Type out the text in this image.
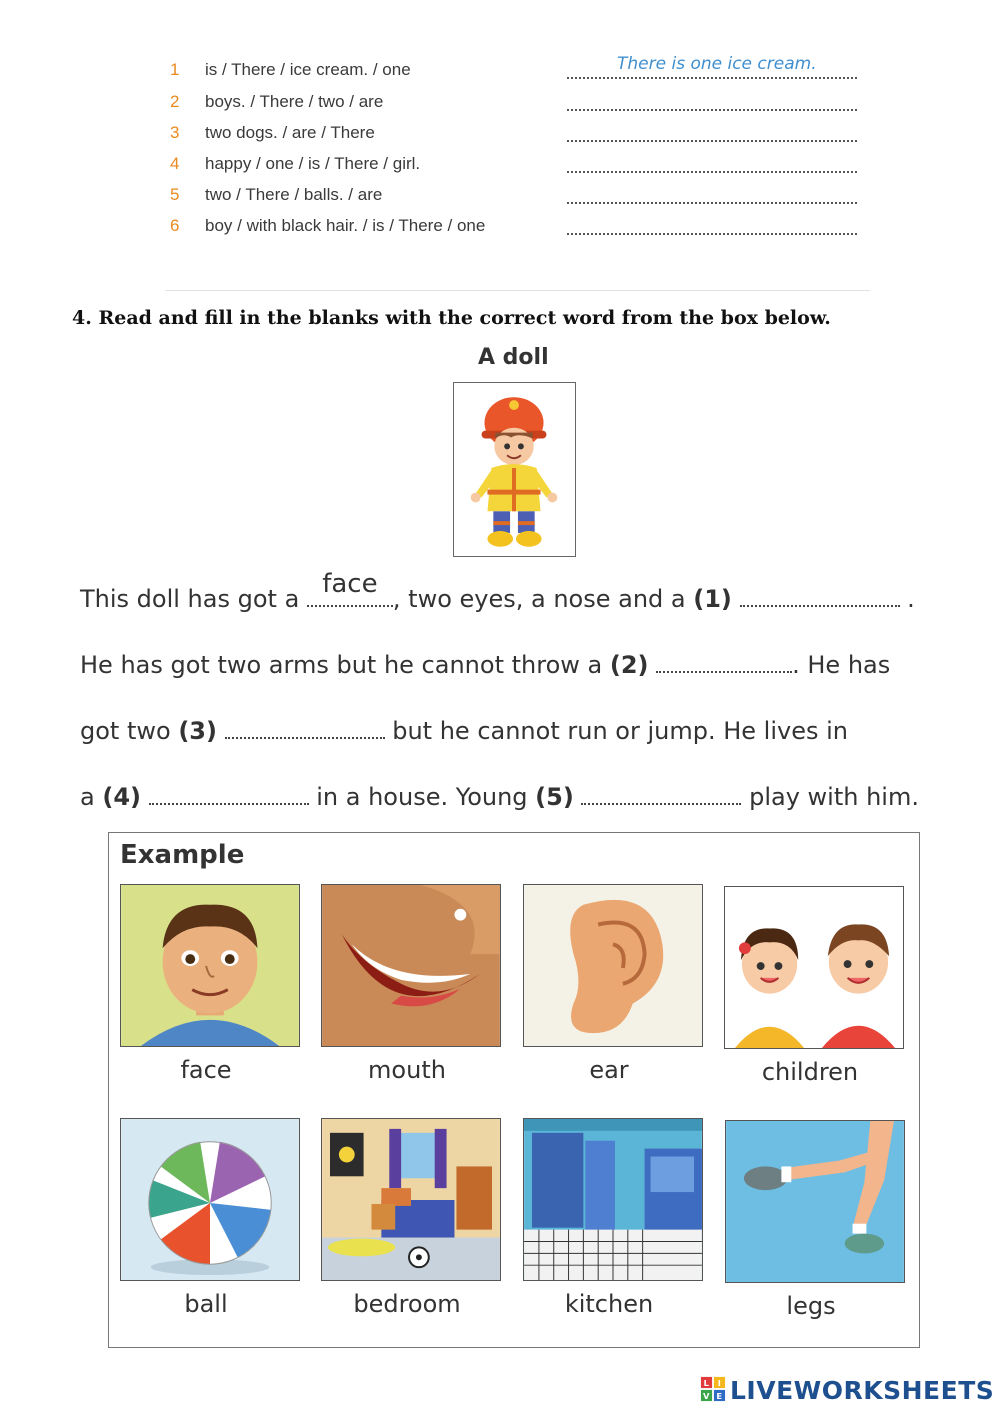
1 is / There / ice cream. / one	There is one ice cream.
2 boys. / There / two / are
3 two dogs. / are / There
4 happy / one / is / There / girl.
5 two / There / balls. / are
6 boy / with black hair. / is / There / one
4. Read and fill in the blanks with the correct word from the box below.
A doll
This doll has got a face , two eyes, a nose and a (1)	.
He has got two arms but he cannot throw a (2)	. He has
got two (3)	but he cannot run or jump. He lives in
a (4)	in a house. Young (5)	play with him.
Example
face	mouth	ear	children
ball	bedroom	kitchen	legs
L I
V E LIVEWORKSHEETS
